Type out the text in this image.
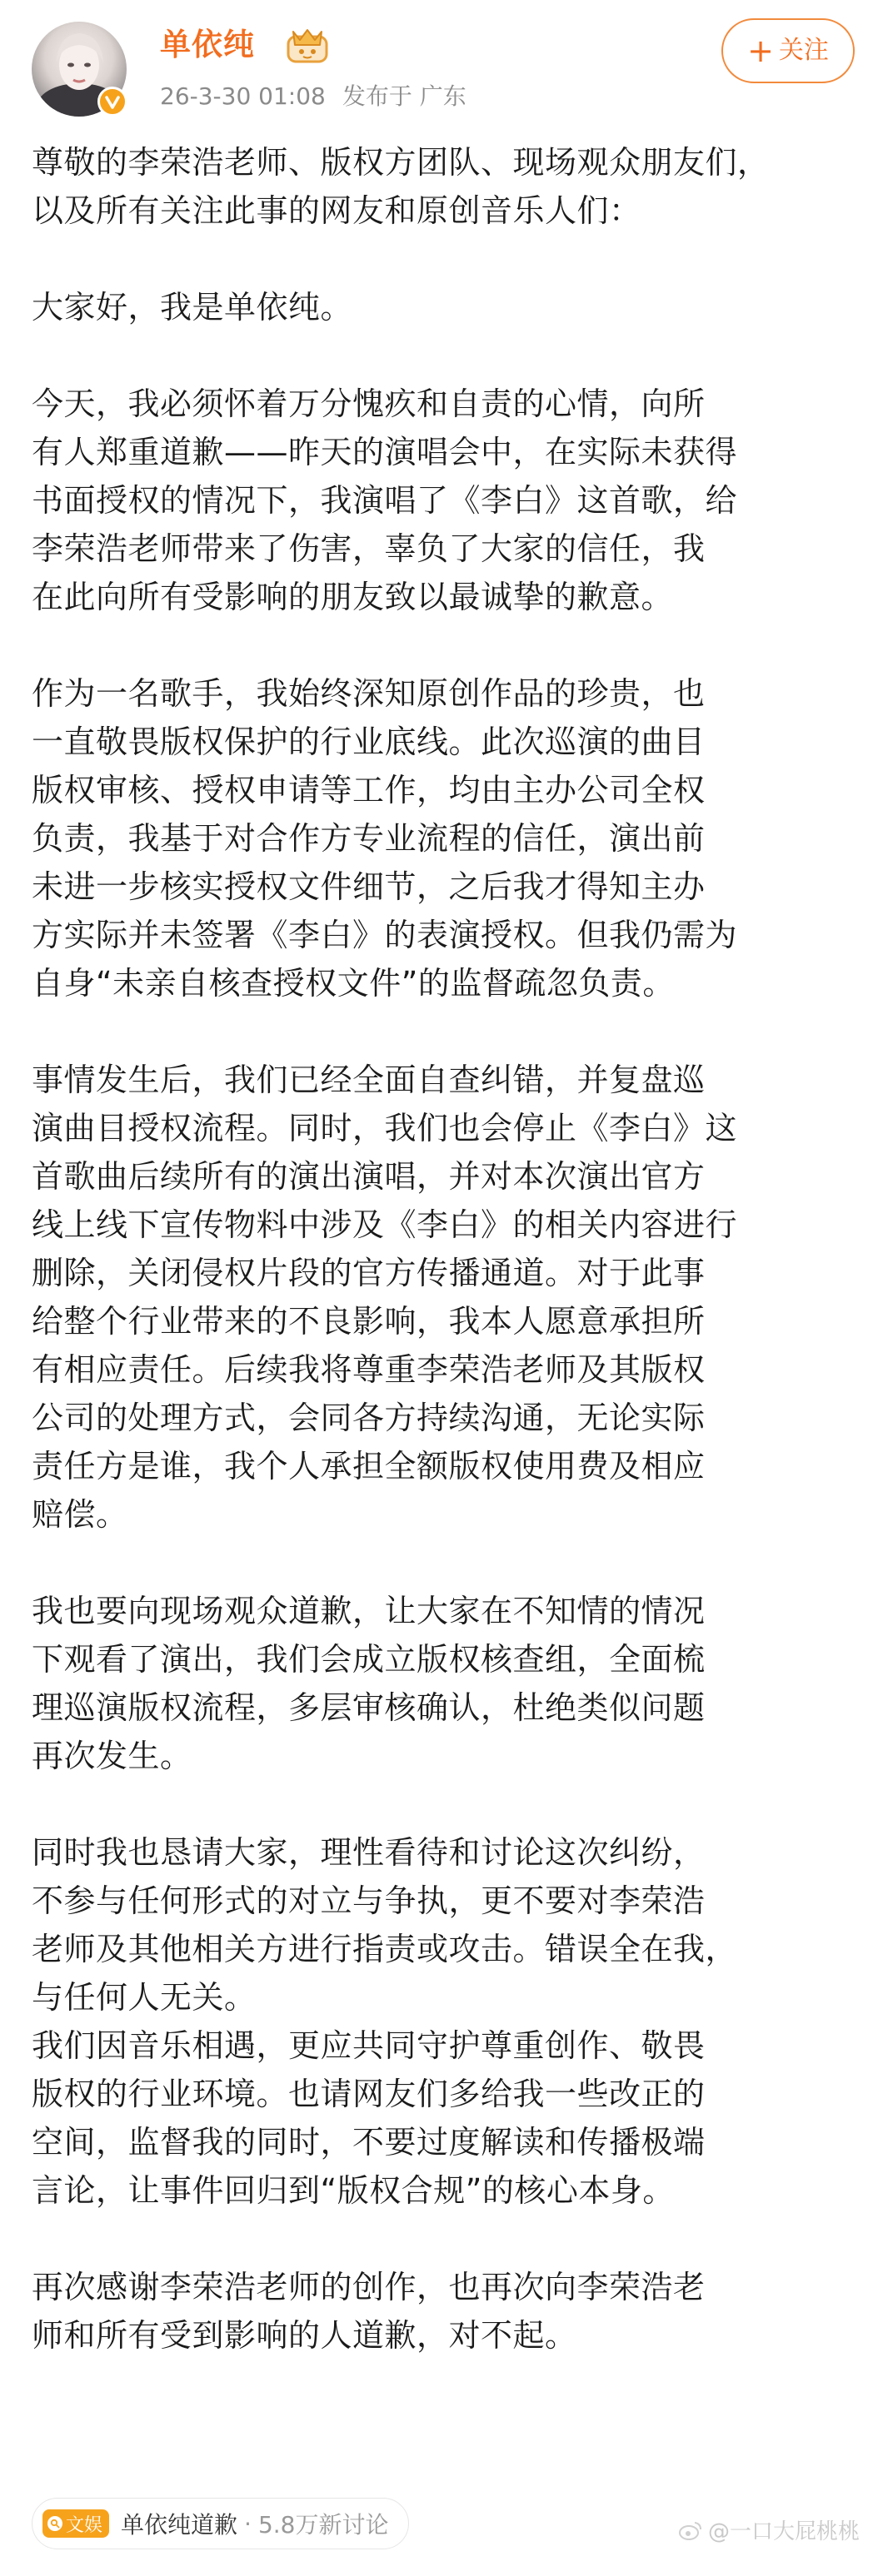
单依纯
26-3-30 01:08 发布于 广东
+ 关注

尊敬的李荣浩老师、版权方团队、现场观众朋友们，
以及所有关注此事的网友和原创音乐人们：

大家好，我是单依纯。

今天，我必须怀着万分愧疚和自责的心情，向所
有人郑重道歉——昨天的演唱会中，在实际未获得
书面授权的情况下，我演唱了《李白》这首歌，给
李荣浩老师带来了伤害，辜负了大家的信任，我
在此向所有受影响的朋友致以最诚挚的歉意。

作为一名歌手，我始终深知原创作品的珍贵，也
一直敬畏版权保护的行业底线。此次巡演的曲目
版权审核、授权申请等工作，均由主办公司全权
负责，我基于对合作方专业流程的信任，演出前
未进一步核实授权文件细节，之后我才得知主办
方实际并未签署《李白》的表演授权。但我仍需为
自身“未亲自核查授权文件”的监督疏忽负责。

事情发生后，我们已经全面自查纠错，并复盘巡
演曲目授权流程。同时，我们也会停止《李白》这
首歌曲后续所有的演出演唱，并对本次演出官方
线上线下宣传物料中涉及《李白》的相关内容进行
删除，关闭侵权片段的官方传播通道。对于此事
给整个行业带来的不良影响，我本人愿意承担所
有相应责任。后续我将尊重李荣浩老师及其版权
公司的处理方式，会同各方持续沟通，无论实际
责任方是谁，我个人承担全额版权使用费及相应
赔偿。

我也要向现场观众道歉，让大家在不知情的情况
下观看了演出，我们会成立版权核查组，全面梳
理巡演版权流程，多层审核确认，杜绝类似问题
再次发生。

同时我也恳请大家，理性看待和讨论这次纠纷，
不参与任何形式的对立与争执，更不要对李荣浩
老师及其他相关方进行指责或攻击。错误全在我，
与任何人无关。
我们因音乐相遇，更应共同守护尊重创作、敬畏
版权的行业环境。也请网友们多给我一些改正的
空间，监督我的同时，不要过度解读和传播极端
言论，让事件回归到“版权合规”的核心本身。

再次感谢李荣浩老师的创作，也再次向李荣浩老
师和所有受到影响的人道歉，对不起。

文娱 单依纯道歉 · 5.8万新讨论	@一口大屁桃桃
